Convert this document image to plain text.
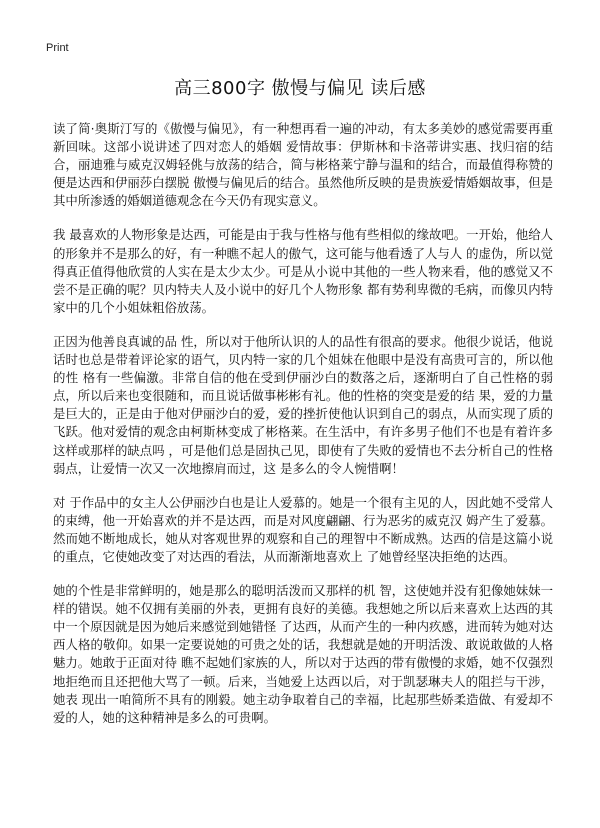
Print
高三800字 傲慢与偏见 读后感

读了简·奥斯汀写的《傲慢与偏见》，有一种想再看一遍的冲动，有太多美妙的感觉需要再重新回味。这部小说讲述了四对恋人的婚姻 爱情故事：伊斯林和卡洛蒂讲实惠、找归宿的结合，丽迪雅与威克汉姆轻佻与放荡的结合，简与彬格莱宁静与温和的结合，而最值得称赞的便是达西和伊丽莎白摆脱 傲慢与偏见后的结合。虽然他所反映的是贵族爱情婚姻故事，但是其中所渗透的婚姻道德观念在今天仍有现实意义。

我 最喜欢的人物形象是达西，可能是由于我与性格与他有些相似的缘故吧。一开始，他给人的形象并不是那么的好，有一种瞧不起人的傲气，这可能与他看透了人与人 的虚伪，所以觉得真正值得他欣赏的人实在是太少太少。可是从小说中其他的一些人物来看，他的感觉又不尝不是正确的呢？贝内特夫人及小说中的好几个人物形象 都有势利卑微的毛病，而像贝内特家中的几个小姐妹粗俗放荡。

正因为他善良真诚的品 性，所以对于他所认识的人的品性有很高的要求。他很少说话，他说话时也总是带着评论家的语气，贝内特一家的几个姐妹在他眼中是没有高贵可言的，所以他的性 格有一些偏激。非常自信的他在受到伊丽沙白的数落之后，逐渐明白了自己性格的弱点，所以后来也变很随和，而且说话做事彬彬有礼。他的性格的突变是爱的结 果，爱的力量是巨大的，正是由于他对伊丽沙白的爱，爱的挫折使他认识到自己的弱点，从而实现了质的飞跃。他对爱情的观念由柯斯林变成了彬格莱。在生活中，有许多男子他们不也是有着许多这样或那样的缺点吗 ，可是他们总是固执己见，即使有了失败的爱情也不去分析自己的性格弱点，让爱情一次又一次地擦肩而过，这 是多么的令人惋惜啊！

对 于作品中的女主人公伊丽沙白也是让人爱慕的。她是一个很有主见的人，因此她不受常人的束缚，他一开始喜欢的并不是达西，而是对风度翩翩、行为恶劣的威克汉 姆产生了爱慕。然而她不断地成长，她从对客观世界的观察和自己的理智中不断成熟。达西的信是这篇小说的重点，它使她改变了对达西的看法，从而渐渐地喜欢上 了她曾经坚决拒绝的达西。

她的个性是非常鲜明的，她是那么的聪明活泼而又那样的机 智，这使她并没有犯像她妹妹一样的错误。她不仅拥有美丽的外表，更拥有良好的美德。我想她之所以后来喜欢上达西的其中一个原因就是因为她后来感觉到她错怪 了达西，从而产生的一种内疚感，进而转为她对达西人格的敬仰。如果一定要说她的可贵之处的话，我想就是她的开明活泼、敢说敢做的人格魅力。她敢于正面对待 瞧不起她们家族的人，所以对于达西的带有傲慢的求婚，她不仅强烈地拒绝而且还把他大骂了一顿。后来，当她爱上达西以后，对于凯瑟琳夫人的阻拦与干涉，她表 现出一咱简所不具有的刚毅。她主动争取着自己的幸福，比起那些娇柔造做、有爱却不爱的人，她的这种精神是多么的可贵啊。
